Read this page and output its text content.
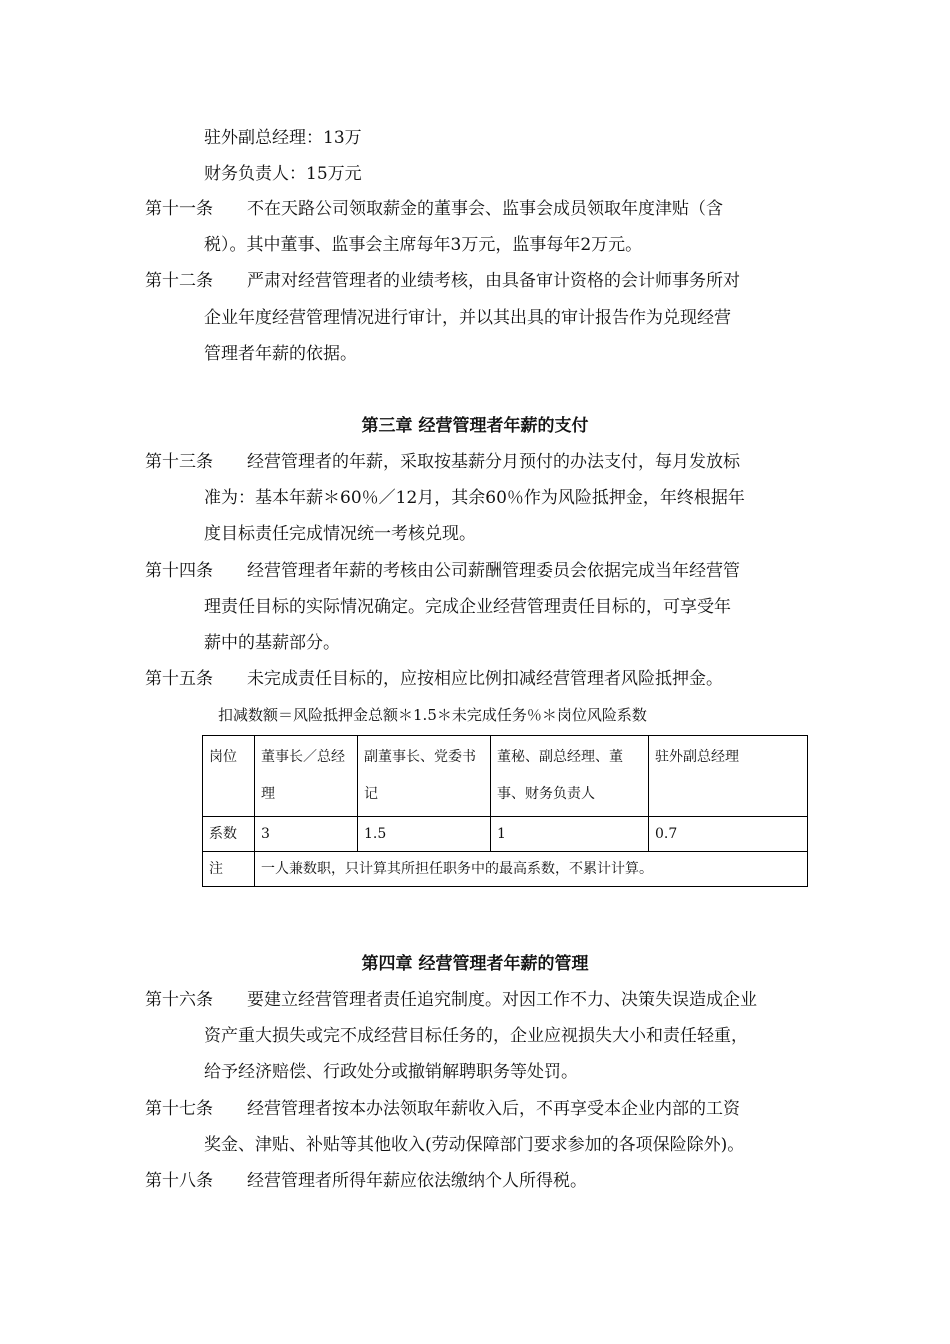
驻外副总经理：13万
财务负责人：15万元
第十一条 不在天路公司领取薪金的董事会、监事会成员领取年度津贴（含
税）。其中董事、监事会主席每年3万元，监事每年2万元。
第十二条 严肃对经营管理者的业绩考核，由具备审计资格的会计师事务所对
企业年度经营管理情况进行审计，并以其出具的审计报告作为兑现经营
管理者年薪的依据。
第三章 经营管理者年薪的支付
第十三条 经营管理者的年薪，采取按基薪分月预付的办法支付，每月发放标
准为：基本年薪＊60％／12月，其余60％作为风险抵押金，年终根据年
度目标责任完成情况统一考核兑现。
第十四条 经营管理者年薪的考核由公司薪酬管理委员会依据完成当年经营管
理责任目标的实际情况确定。完成企业经营管理责任目标的，可享受年
薪中的基薪部分。
第十五条 未完成责任目标的，应按相应比例扣减经营管理者风险抵押金。
扣减数额＝风险抵押金总额＊1.5＊未完成任务％＊岗位风险系数
岗位	董事长／总经理	副董事长、党委书记	董秘、副总经理、董事、财务负责人	驻外副总经理
系数	3	1.5	1	0.7
注	一人兼数职，只计算其所担任职务中的最高系数，不累计计算。			
第四章 经营管理者年薪的管理
第十六条 要建立经营管理者责任追究制度。对因工作不力、决策失误造成企业
资产重大损失或完不成经营目标任务的，企业应视损失大小和责任轻重，
给予经济赔偿、行政处分或撤销解聘职务等处罚。
第十七条 经营管理者按本办法领取年薪收入后，不再享受本企业内部的工资
奖金、津贴、补贴等其他收入(劳动保障部门要求参加的各项保险除外)。
第十八条 经营管理者所得年薪应依法缴纳个人所得税。
